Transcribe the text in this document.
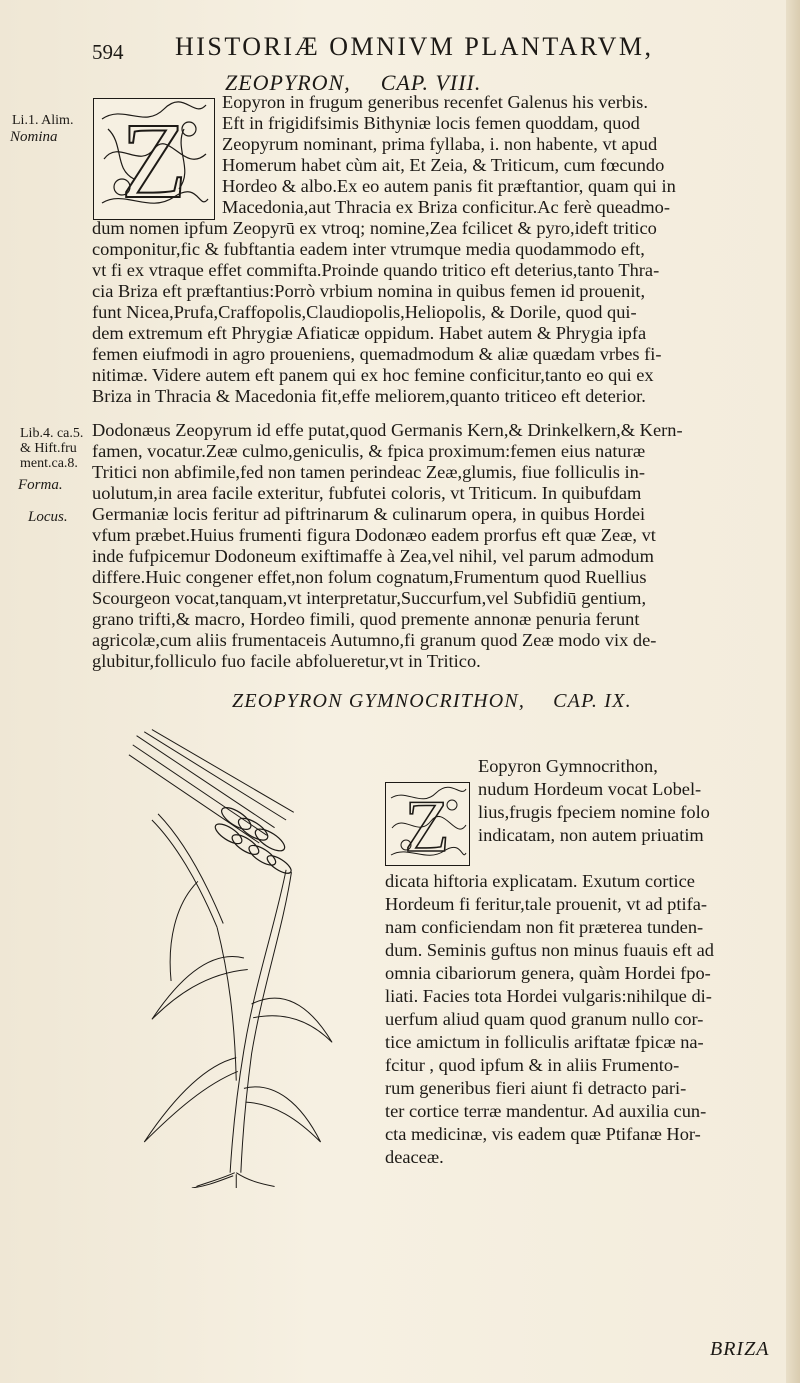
594 HISTORIÆ OMNIVM PLANTARVM,
ZEOPYRON, CAP. VIII.
Li.1. Alim.
Nomina
Lib.4. ca.5.
& Hift.fru
ment.ca.8.
Forma.
Locus.
Z Eopyron in frugum generibus recenfet Galenus his verbis.
Eft in frigidifsimis Bithyniæ locis femen quoddam, quod
Zeopyrum nominant, prima fyllaba, i. non habente, vt apud
Homerum habet cùm ait, Et Zeia, & Triticum, cum fœcundo
Hordeo & albo.Ex eo autem panis fit præftantior, quam qui in
Macedonia,aut Thracia ex Briza conficitur.Ac ferè queadmo-
dum nomen ipfum Zeopyrū ex vtroq; nomine,Zea fcilicet & pyro,ideft tritico
componitur,fic & fubftantia eadem inter vtrumque media quodammodo eft,
vt fi ex vtraque effet commifta.Proinde quando tritico eft deterius,tanto Thra-
cia Briza eft præftantius:Porrò vrbium nomina in quibus femen id prouenit,
funt Nicea,Prufa,Craffopolis,Claudiopolis,Heliopolis, & Dorile, quod qui-
dem extremum eft Phrygiæ Afiaticæ oppidum. Habet autem & Phrygia ipfa
femen eiufmodi in agro proueniens, quemadmodum & aliæ quædam vrbes fi-
nitimæ. Videre autem eft panem qui ex hoc femine conficitur,tanto eo qui ex
Briza in Thracia & Macedonia fit,effe meliorem,quanto triticeo eft deterior.
Dodonæus Zeopyrum id effe putat,quod Germanis Kern,& Drinkelkern,& Kern-
famen, vocatur.Zeæ culmo,geniculis, & fpica proximum:femen eius naturæ
Tritici non abfimile,fed non tamen perindeac Zeæ,glumis, fiue folliculis in-
uolutum,in area facile exteritur, fubfutei coloris, vt Triticum. In quibufdam
Germaniæ locis feritur ad piftrinarum & culinarum opera, in quibus Hordei
vfum præbet.Huius frumenti figura Dodonæo eadem prorfus eft quæ Zeæ, vt
inde fufpicemur Dodoneum exiftimaffe à Zea,vel nihil, vel parum admodum
differe.Huic congener effet,non folum cognatum,Frumentum quod Ruellius
Scourgeon vocat,tanquam,vt interpretatur,Succurfum,vel Subfidiū gentium,
grano trifti,& macro, Hordeo fimili, quod premente annonæ penuria ferunt
agricolæ,cum aliis frumentaceis Autumno,fi granum quod Zeæ modo vix de-
glubitur,folliculo fuo facile abfolueretur,vt in Tritico.
ZEOPYRON GYMNOCRITHON, CAP. IX.
Z
Eopyron Gymnocrithon,
nudum Hordeum vocat Lobel-
lius,frugis fpeciem nomine folo
indicatam, non autem priuatim
dicata hiftoria explicatam. Exutum cortice
Hordeum fi feritur,tale prouenit, vt ad ptifa-
nam conficiendam non fit præterea tunden-
dum. Seminis guftus non minus fuauis eft ad
omnia cibariorum genera, quàm Hordei fpo-
liati. Facies tota Hordei vulgaris:nihilque di-
uerfum aliud quam quod granum nullo cor-
tice amictum in folliculis ariftatæ fpicæ na-
fcitur , quod ipfum & in aliis Frumento-
rum generibus fieri aiunt fi detracto pari-
ter cortice terræ mandentur. Ad auxilia cun-
cta medicinæ, vis eadem quæ Ptifanæ Hor-
deaceæ.
BRIZA
